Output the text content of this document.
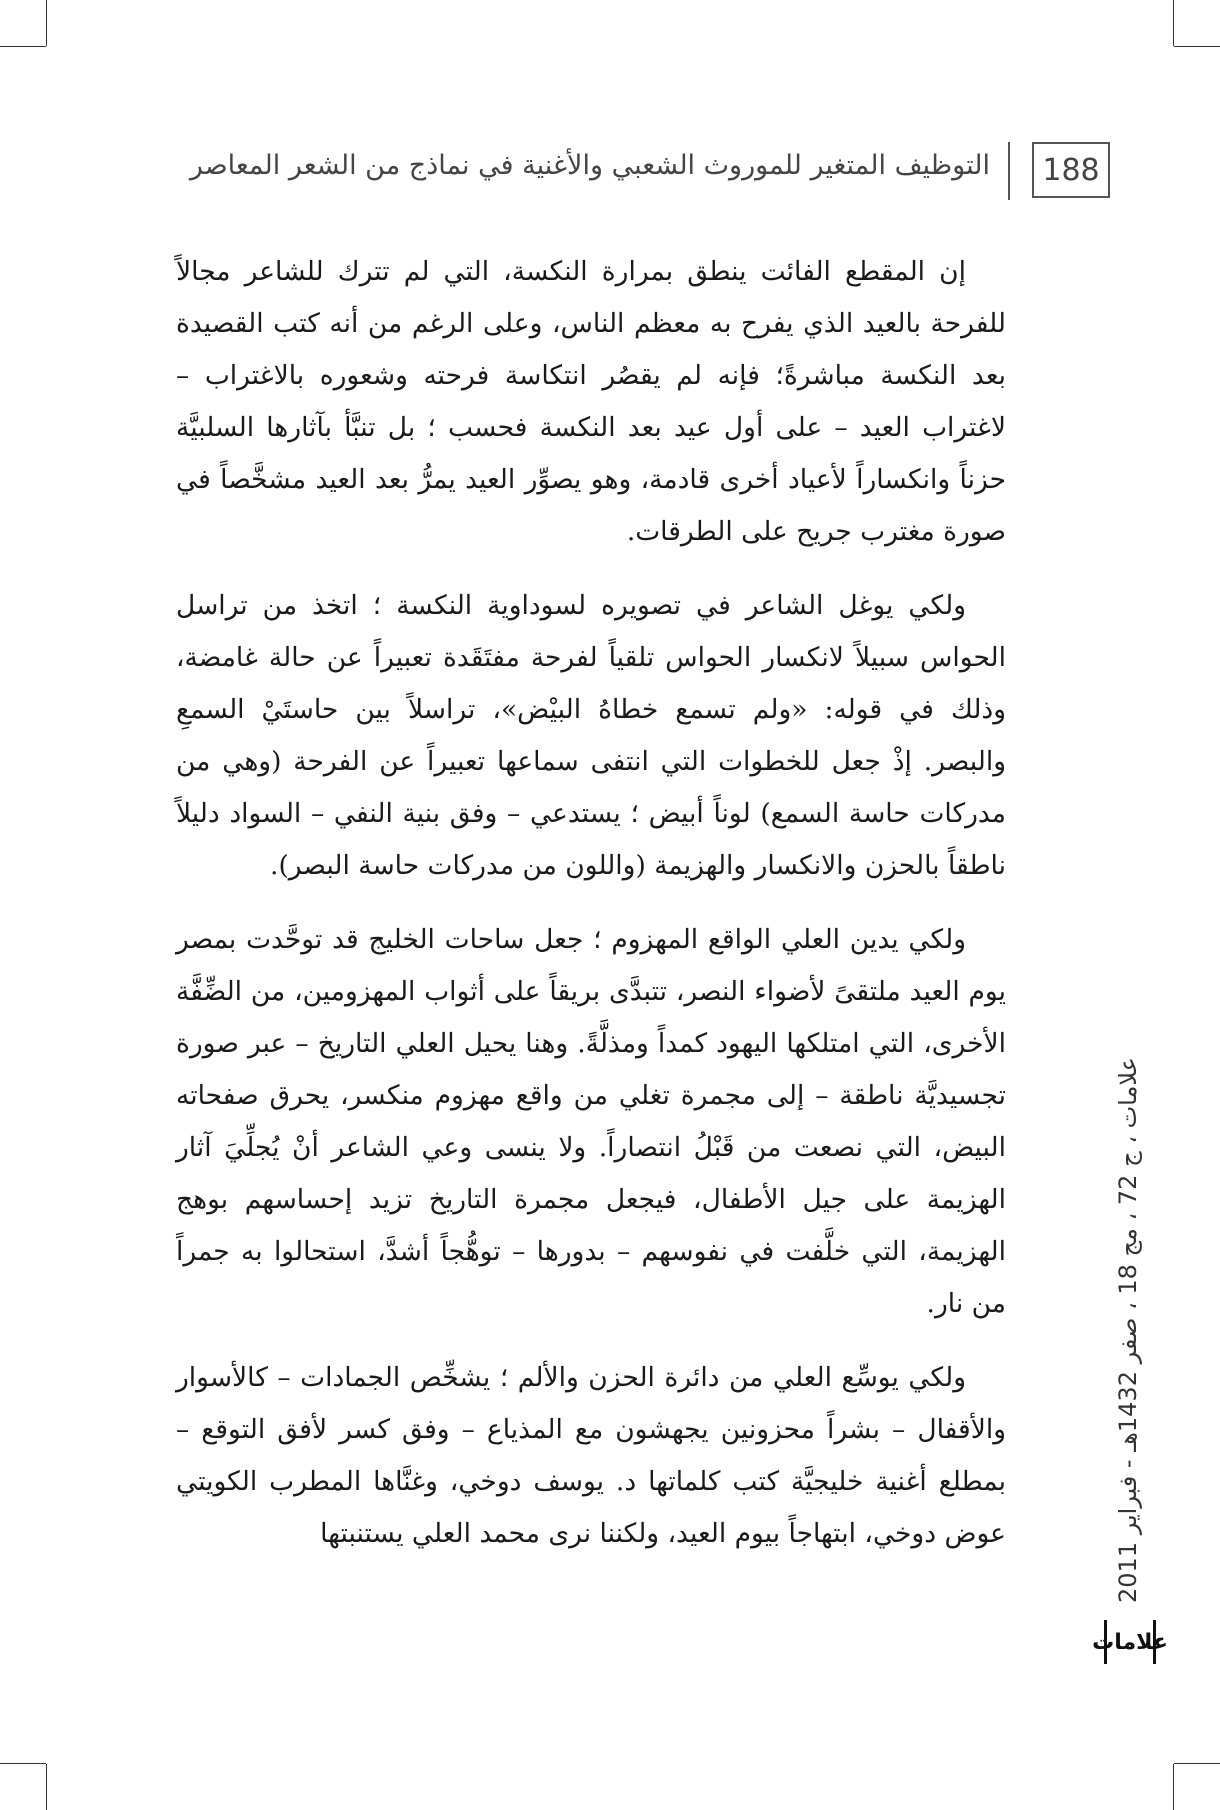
188
التوظيف المتغير للموروث الشعبي والأغنية في نماذج من الشعر المعاصر

إن المقطع الفائت ينطق بمرارة النكسة، التي لم تترك للشاعر مجالاً للفرحة بالعيد الذي يفرح به معظم الناس، وعلى الرغم من أنه كتب القصيدة بعد النكسة مباشرةً؛ فإنه لم يقصُر انتكاسة فرحته وشعوره بالاغتراب – لاغتراب العيد – على أول عيد بعد النكسة فحسب ؛ بل تنبَّأ بآثارها السلبيَّة حزناً وانكساراً لأعياد أخرى قادمة، وهو يصوِّر العيد يمرُّ بعد العيد مشخَّصاً في صورة مغترب جريح على الطرقات.

ولكي يوغل الشاعر في تصويره لسوداوية النكسة ؛ اتخذ من تراسل الحواس سبيلاً لانكسار الحواس تلقياً لفرحة مفتَقَدة تعبيراً عن حالة غامضة، وذلك في قوله: «ولم تسمع خطاهُ البيْض»، تراسلاً بين حاستَيْ السمعِ والبصر. إذْ جعل للخطوات التي انتفى سماعها تعبيراً عن الفرحة (وهي من مدركات حاسة السمع) لوناً أبيض ؛ يستدعي – وفق بنية النفي – السواد دليلاً ناطقاً بالحزن والانكسار والهزيمة (واللون من مدركات حاسة البصر).

ولكي يدين العلي الواقع المهزوم ؛ جعل ساحات الخليج قد توحَّدت بمصر يوم العيد ملتقىً لأضواء النصر، تتبدَّى بريقاً على أثواب المهزومين، من الضِّفَّة الأخرى، التي امتلكها اليهود كمداً ومذلَّةً. وهنا يحيل العلي التاريخ – عبر صورة تجسيديَّة ناطقة – إلى مجمرة تغلي من واقع مهزوم منكسر، يحرق صفحاته البيض، التي نصعت من قَبْلُ انتصاراً. ولا ينسى وعي الشاعر أنْ يُجلِّيَ آثار الهزيمة على جيل الأطفال، فيجعل مجمرة التاريخ تزيد إحساسهم بوهج الهزيمة، التي خلَّفت في نفوسهم – بدورها – توهُّجاً أشدَّ، استحالوا به جمراً من نار.

ولكي يوسِّع العلي من دائرة الحزن والألم ؛ يشخِّص الجمادات – كالأسوار والأقفال – بشراً محزونين يجهشون مع المذياع – وفق كسر لأفق التوقع – بمطلع أغنية خليجيَّة كتب كلماتها د. يوسف دوخي، وغنَّاها المطرب الكويتي عوض دوخي، ابتهاجاً بيوم العيد، ولكننا نرى محمد العلي يستنبتها

علامات ، ج 72 ، مج 18 ، صفر 1432هـ - فبراير 2011
علامات
